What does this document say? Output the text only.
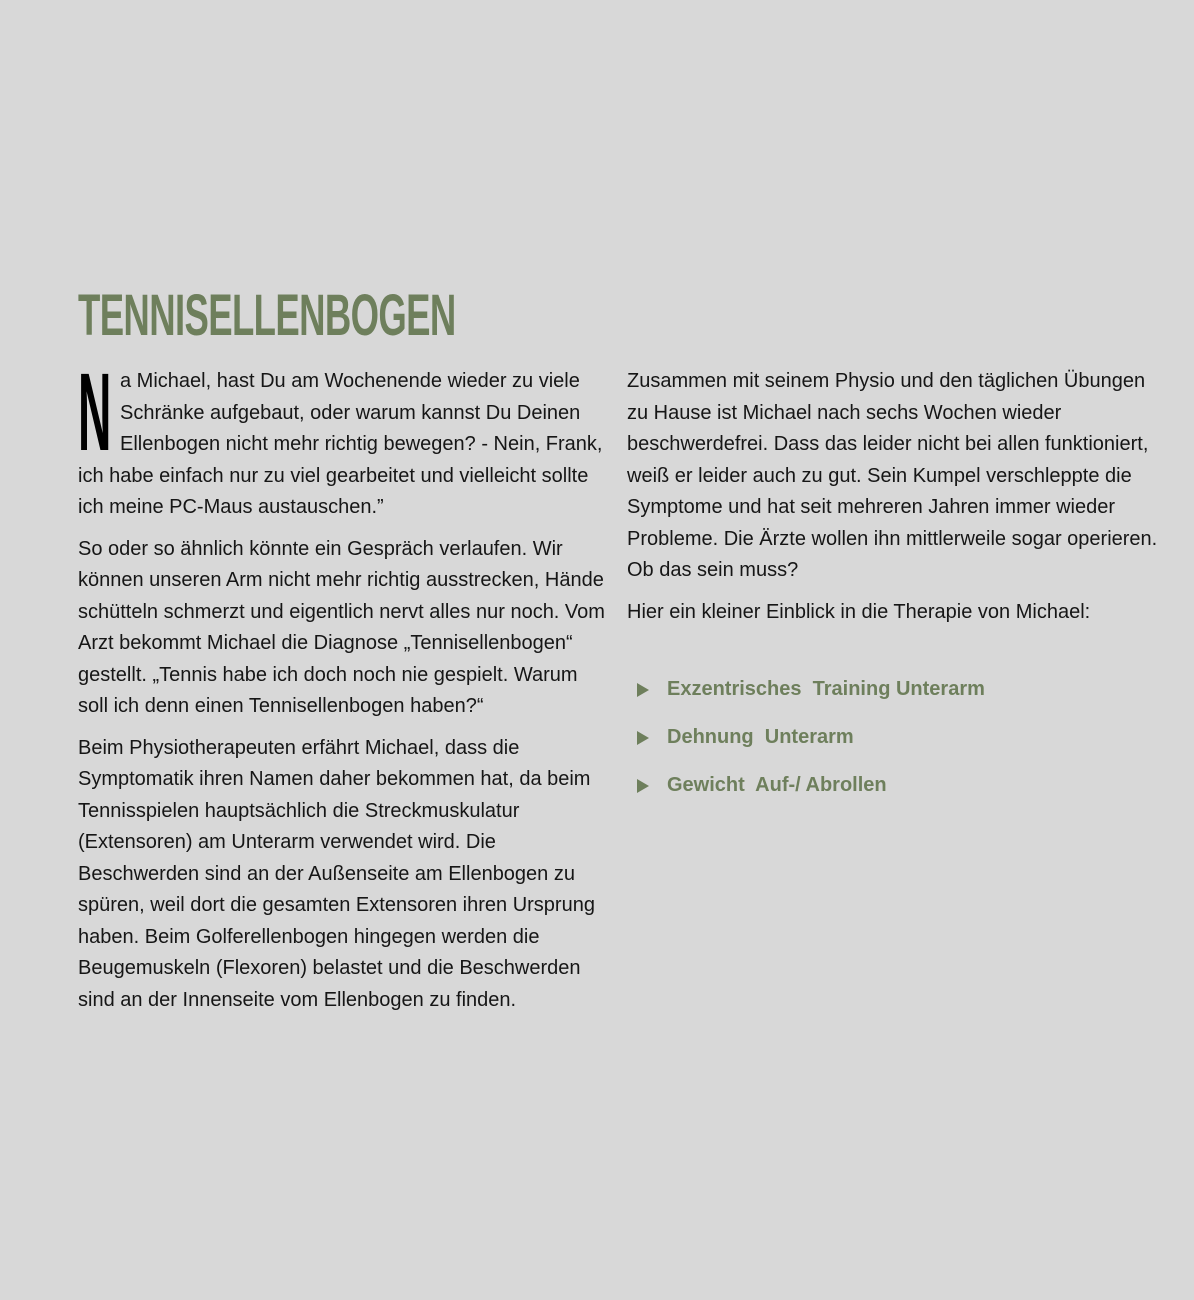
TENNISELLENBOGEN

Na Michael, hast Du am Wochenende wieder zu viele Schränke aufgebaut, oder warum kannst Du Deinen Ellenbogen nicht mehr richtig bewegen? - Nein, Frank, ich habe einfach nur zu viel gearbeitet und vielleicht sollte ich meine PC-Maus austauschen.”

So oder so ähnlich könnte ein Gespräch verlaufen. Wir können unseren Arm nicht mehr richtig ausstrecken, Hände schütteln schmerzt und eigentlich nervt alles nur noch. Vom Arzt bekommt Michael die Diagnose „Tennisellenbogen“ gestellt. „Tennis habe ich doch noch nie gespielt. Warum soll ich denn einen Tennisellenbogen haben?“

Beim Physiotherapeuten erfährt Michael, dass die Symptomatik ihren Namen daher bekommen hat, da beim Tennisspielen hauptsächlich die Streckmuskulatur (Extensoren) am Unterarm verwendet wird. Die Beschwerden sind an der Außenseite am Ellenbogen zu spüren, weil dort die gesamten Extensoren ihren Ursprung haben. Beim Golferellenbogen hingegen werden die Beugemuskeln (Flexoren) belastet und die Beschwerden sind an der Innenseite vom Ellenbogen zu finden.

Zusammen mit seinem Physio und den täglichen Übungen zu Hause ist Michael nach sechs Wochen wieder beschwerdefrei. Dass das leider nicht bei allen funktioniert, weiß er leider auch zu gut. Sein Kumpel verschleppte die Symptome und hat seit mehreren Jahren immer wieder Probleme. Die Ärzte wollen ihn mittlerweile sogar operieren. Ob das sein muss?

Hier ein kleiner Einblick in die Therapie von Michael:

Exzentrisches  Training Unterarm
Dehnung  Unterarm
Gewicht  Auf-/ Abrollen
